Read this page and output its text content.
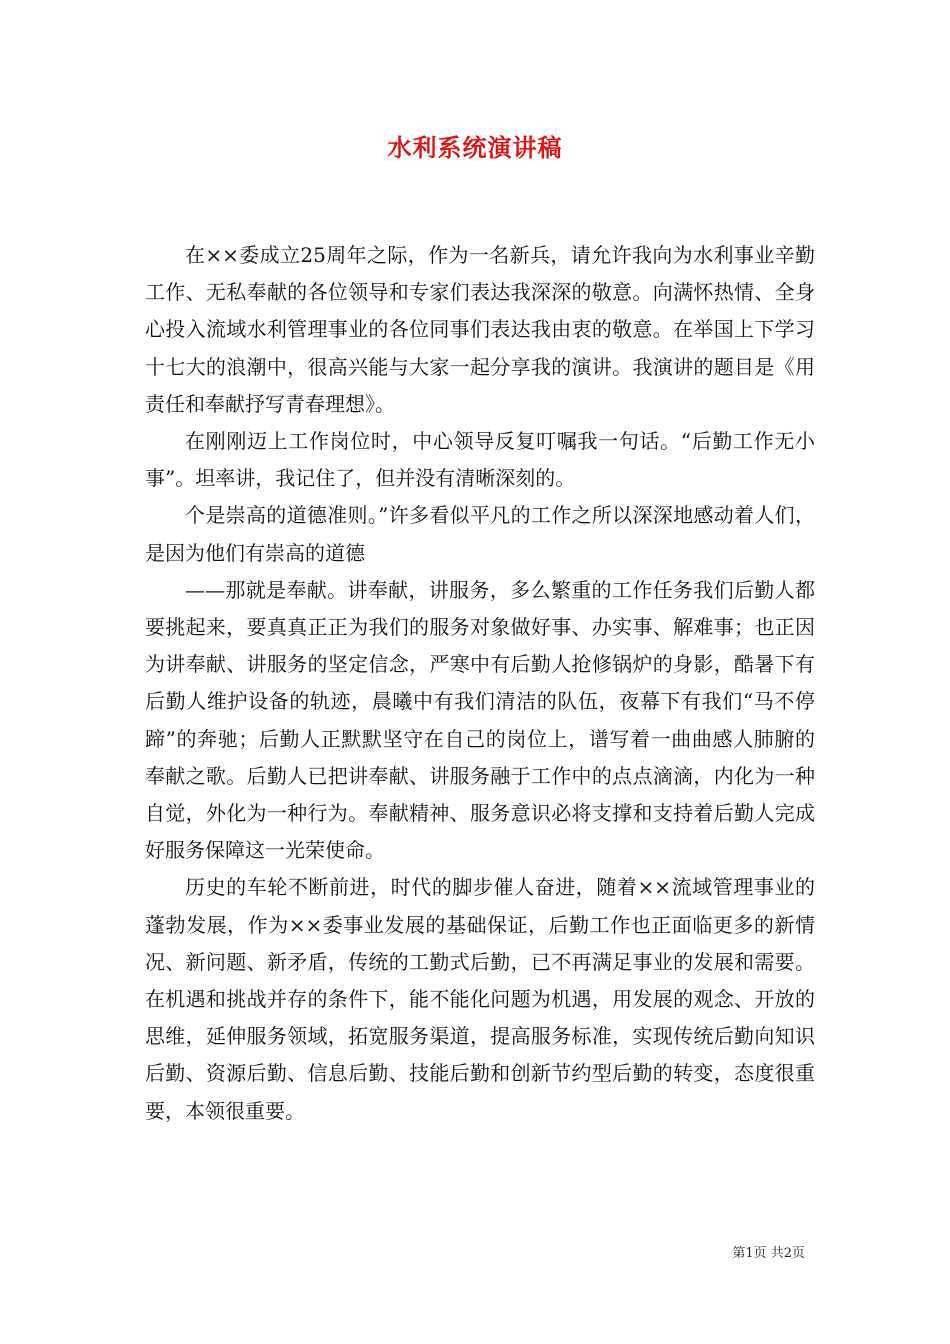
水利系统演讲稿

在××委成立25周年之际，作为一名新兵，请允许我向为水利事业辛勤工作、无私奉献的各位领导和专家们表达我深深的敬意。向满怀热情、全身心投入流域水利管理事业的各位同事们表达我由衷的敬意。在举国上下学习十七大的浪潮中，很高兴能与大家一起分享我的演讲。我演讲的题目是《用责任和奉献抒写青春理想》。

在刚刚迈上工作岗位时，中心领导反复叮嘱我一句话。“后勤工作无小事”。坦率讲，我记住了，但并没有清晰深刻的。

个是崇高的道德准则。”许多看似平凡的工作之所以深深地感动着人们，是因为他们有崇高的道德

——那就是奉献。讲奉献，讲服务，多么繁重的工作任务我们后勤人都要挑起来，要真真正正为我们的服务对象做好事、办实事、解难事；也正因为讲奉献、讲服务的坚定信念，严寒中有后勤人抢修锅炉的身影，酷暑下有后勤人维护设备的轨迹，晨曦中有我们清洁的队伍，夜幕下有我们“马不停蹄”的奔驰；后勤人正默默坚守在自己的岗位上，谱写着一曲曲感人肺腑的奉献之歌。后勤人已把讲奉献、讲服务融于工作中的点点滴滴，内化为一种自觉，外化为一种行为。奉献精神、服务意识必将支撑和支持着后勤人完成好服务保障这一光荣使命。

历史的车轮不断前进，时代的脚步催人奋进，随着××流域管理事业的蓬勃发展，作为××委事业发展的基础保证，后勤工作也正面临更多的新情况、新问题、新矛盾，传统的工勤式后勤，已不再满足事业的发展和需要。在机遇和挑战并存的条件下，能不能化问题为机遇，用发展的观念、开放的思维，延伸服务领域，拓宽服务渠道，提高服务标准，实现传统后勤向知识后勤、资源后勤、信息后勤、技能后勤和创新节约型后勤的转变，态度很重要，本领很重要。

第1页 共2页
